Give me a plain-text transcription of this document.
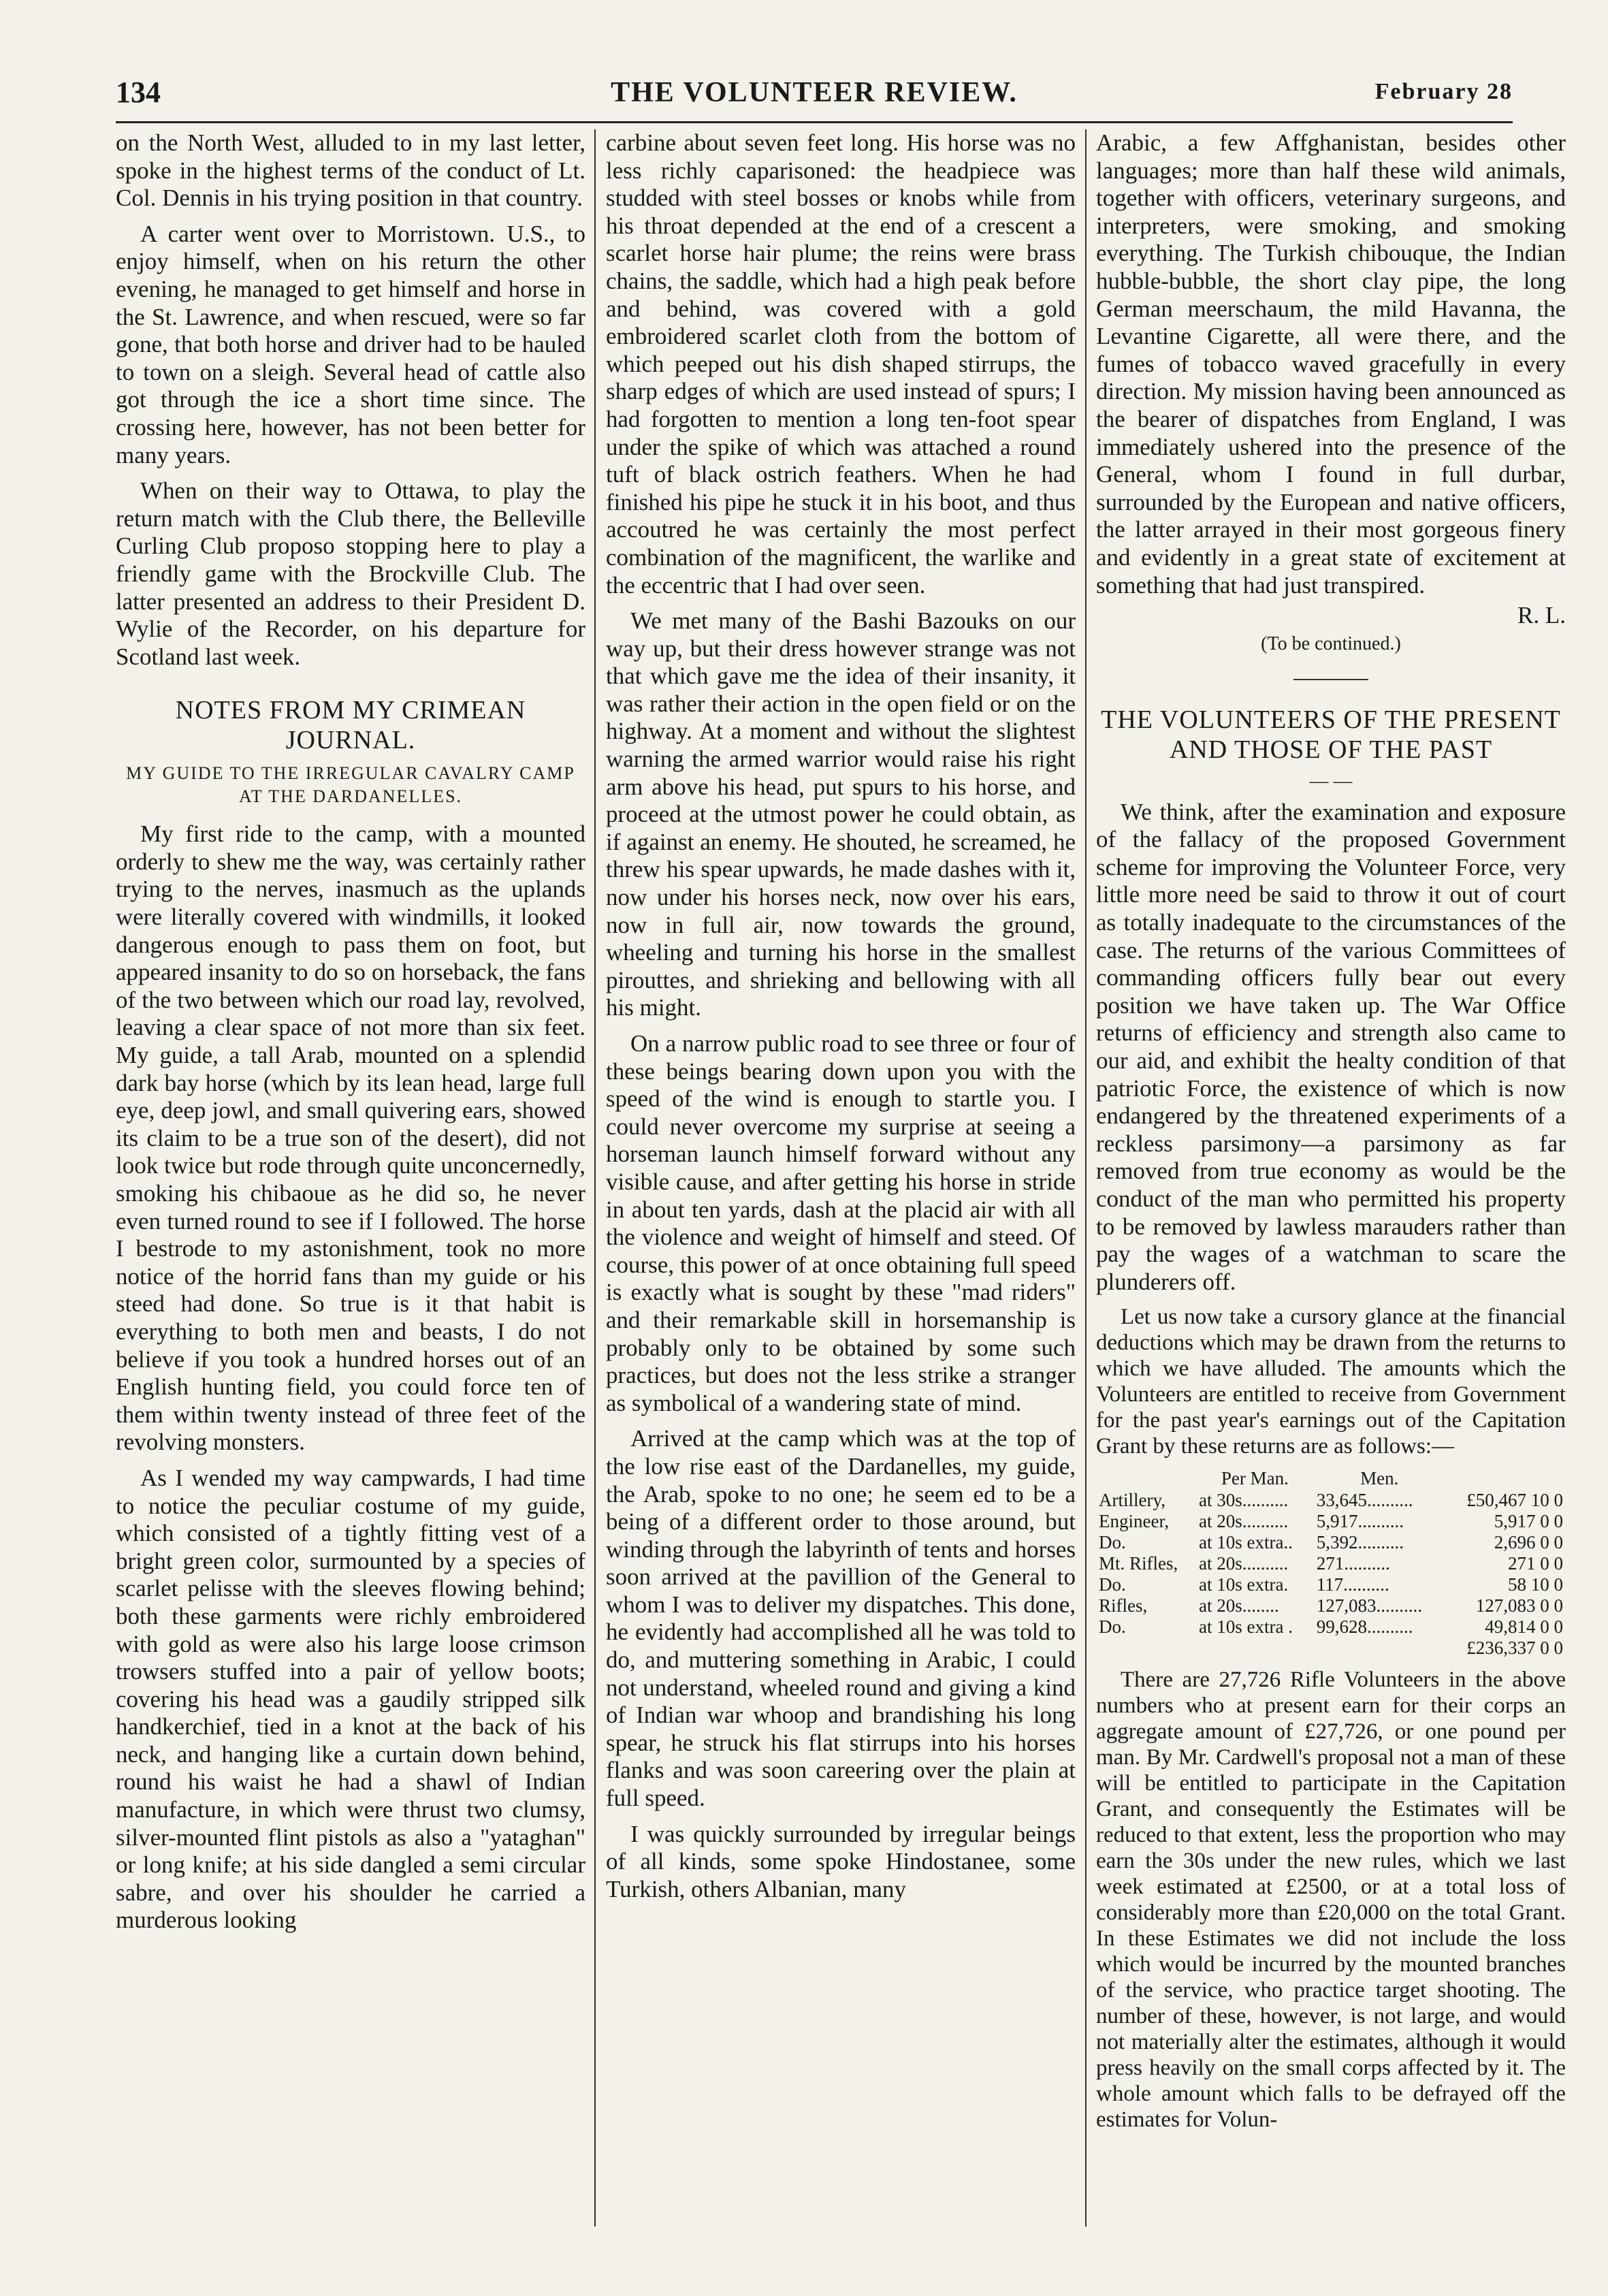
134	THE VOLUNTEER REVIEW.	February 28

on the North West, alluded to in my last letter, spoke in the highest terms of the conduct of Lt. Col. Dennis in his trying position in that country.

A carter went over to Morristown. U.S., to enjoy himself, when on his return the other evening, he managed to get himself and horse in the St. Lawrence, and when rescued, were so far gone, that both horse and driver had to be hauled to town on a sleigh. Several head of cattle also got through the ice a short time since. The crossing here, however, has not been better for many years.

When on their way to Ottawa, to play the return match with the Club there, the Belleville Curling Club proposo stopping here to play a friendly game with the Brockville Club. The latter presented an address to their President D. Wylie of the Recorder, on his departure for Scotland last week.

NOTES FROM MY CRIMEAN JOURNAL.
MY GUIDE TO THE IRREGULAR CAVALRY CAMP AT THE DARDANELLES.

My first ride to the camp, with a mounted orderly to shew me the way, was certainly rather trying to the nerves, inasmuch as the uplands were literally covered with windmills, it looked dangerous enough to pass them on foot, but appeared insanity to do so on horseback, the fans of the two between which our road lay, revolved, leaving a clear space of not more than six feet. My guide, a tall Arab, mounted on a splendid dark bay horse (which by its lean head, large full eye, deep jowl, and small quivering ears, showed its claim to be a true son of the desert), did not look twice but rode through quite unconcernedly, smoking his chibaoue as he did so, he never even turned round to see if I followed. The horse I bestrode to my astonishment, took no more notice of the horrid fans than my guide or his steed had done. So true is it that habit is everything to both men and beasts, I do not believe if you took a hundred horses out of an English hunting field, you could force ten of them within twenty instead of three feet of the revolving monsters.

As I wended my way campwards, I had time to notice the peculiar costume of my guide, which consisted of a tightly fitting vest of a bright green color, surmounted by a species of scarlet pelisse with the sleeves flowing behind; both these garments were richly embroidered with gold as were also his large loose crimson trowsers stuffed into a pair of yellow boots; covering his head was a gaudily stripped silk handkerchief, tied in a knot at the back of his neck, and hanging like a curtain down behind, round his waist he had a shawl of Indian manufacture, in which were thrust two clumsy, silver-mounted flint pistols as also a "yataghan" or long knife; at his side dangled a semi circular sabre, and over his shoulder he carried a murderous looking

carbine about seven feet long. His horse was no less richly caparisoned: the headpiece was studded with steel bosses or knobs while from his throat depended at the end of a crescent a scarlet horse hair plume; the reins were brass chains, the saddle, which had a high peak before and behind, was covered with a gold embroidered scarlet cloth from the bottom of which peeped out his dish shaped stirrups, the sharp edges of which are used instead of spurs; I had forgotten to mention a long ten-foot spear under the spike of which was attached a round tuft of black ostrich feathers. When he had finished his pipe he stuck it in his boot, and thus accoutred he was certainly the most perfect combination of the magnificent, the warlike and the eccentric that I had over seen.

We met many of the Bashi Bazouks on our way up, but their dress however strange was not that which gave me the idea of their insanity, it was rather their action in the open field or on the highway. At a moment and without the slightest warning the armed warrior would raise his right arm above his head, put spurs to his horse, and proceed at the utmost power he could obtain, as if against an enemy. He shouted, he screamed, he threw his spear upwards, he made dashes with it, now under his horses neck, now over his ears, now in full air, now towards the ground, wheeling and turning his horse in the smallest pirouttes, and shrieking and bellowing with all his might.

On a narrow public road to see three or four of these beings bearing down upon you with the speed of the wind is enough to startle you. I could never overcome my surprise at seeing a horseman launch himself forward without any visible cause, and after getting his horse in stride in about ten yards, dash at the placid air with all the violence and weight of himself and steed. Of course, this power of at once obtaining full speed is exactly what is sought by these "mad riders" and their remarkable skill in horsemanship is probably only to be obtained by some such practices, but does not the less strike a stranger as symbolical of a wandering state of mind.

Arrived at the camp which was at the top of the low rise east of the Dardanelles, my guide, the Arab, spoke to no one; he seem ed to be a being of a different order to those around, but winding through the labyrinth of tents and horses soon arrived at the pavillion of the General to whom I was to deliver my dispatches. This done, he evidently had accomplished all he was told to do, and muttering something in Arabic, I could not understand, wheeled round and giving a kind of Indian war whoop and brandishing his long spear, he struck his flat stirrups into his horses flanks and was soon careering over the plain at full speed.

I was quickly surrounded by irregular beings of all kinds, some spoke Hindostanee, some Turkish, others Albanian, many

Arabic, a few Affghanistan, besides other languages; more than half these wild animals, together with officers, veterinary surgeons, and interpreters, were smoking, and smoking everything. The Turkish chibouque, the Indian hubble-bubble, the short clay pipe, the long German meerschaum, the mild Havanna, the Levantine Cigarette, all were there, and the fumes of tobacco waved gracefully in every direction. My mission having been announced as the bearer of dispatches from England, I was immediately ushered into the presence of the General, whom I found in full durbar, surrounded by the European and native officers, the latter arrayed in their most gorgeous finery and evidently in a great state of excitement at something that had just transpired.

R. L.
(To be continued.)
THE VOLUNTEERS OF THE PRESENT AND THOSE OF THE PAST
— —

We think, after the examination and exposure of the fallacy of the proposed Government scheme for improving the Volunteer Force, very little more need be said to throw it out of court as totally inadequate to the circumstances of the case. The returns of the various Committees of commanding officers fully bear out every position we have taken up. The War Office returns of efficiency and strength also came to our aid, and exhibit the healty condition of that patriotic Force, the existence of which is now endangered by the threatened experiments of a reckless parsimony—a parsimony as far removed from true economy as would be the conduct of the man who permitted his property to be removed by lawless marauders rather than pay the wages of a watchman to scare the plunderers off.

Let us now take a cursory glance at the financial deductions which may be drawn from the returns to which we have alluded. The amounts which the Volunteers are entitled to receive from Government for the past year's earnings out of the Capitation Grant by these returns are as follows:—

	Per Man.	Men.	
Artillery,	at 30s..........	33,645..........	£50,467 10 0
Engineer,	at 20s..........	5,917..........	5,917 0 0
Do.	at 10s extra..	5,392..........	2,696 0 0
Mt. Rifles,	at 20s..........	271..........	271 0 0
Do.	at 10s extra.	117..........	58 10 0
Rifles,	at 20s........	127,083..........	127,083 0 0
Do.	at 10s extra .	99,628..........	49,814 0 0
			£236,337 0 0

There are 27,726 Rifle Volunteers in the above numbers who at present earn for their corps an aggregate amount of £27,726, or one pound per man. By Mr. Cardwell's proposal not a man of these will be entitled to participate in the Capitation Grant, and consequently the Estimates will be reduced to that extent, less the proportion who may earn the 30s under the new rules, which we last week estimated at £2500, or at a total loss of considerably more than £20,000 on the total Grant. In these Estimates we did not include the loss which would be incurred by the mounted branches of the service, who practice target shooting. The number of these, however, is not large, and would not materially alter the estimates, although it would press heavily on the small corps affected by it. The whole amount which falls to be defrayed off the estimates for Volun-
